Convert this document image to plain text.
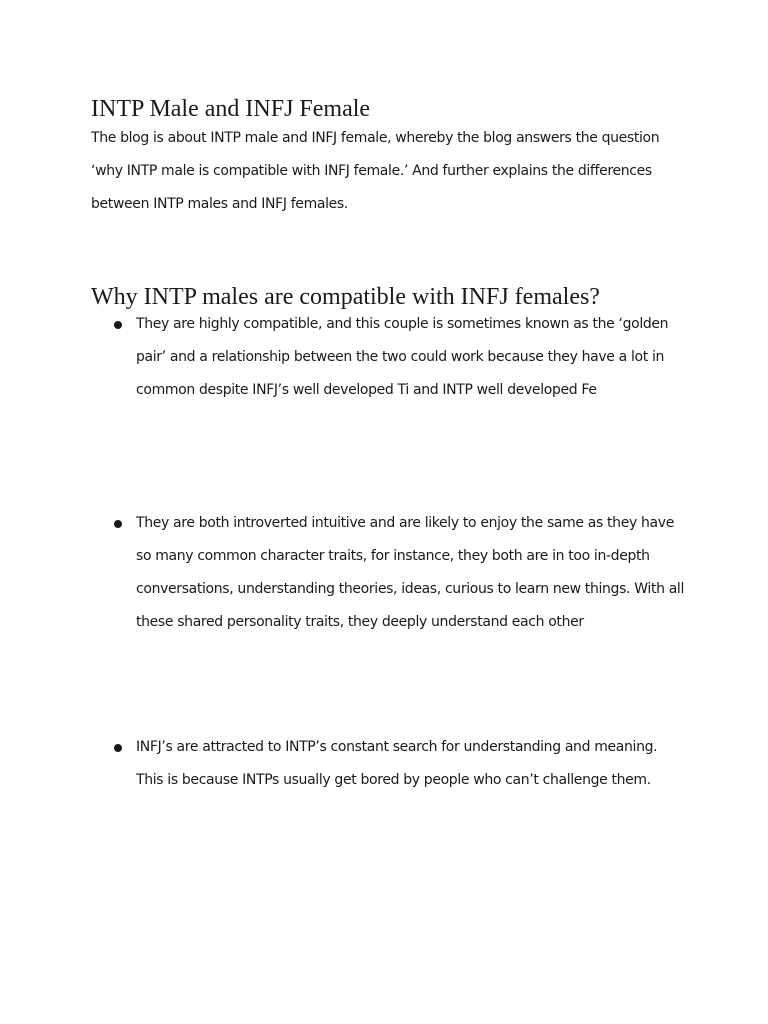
INTP Male and INFJ Female

The blog is about INTP male and INFJ female, whereby the blog answers the question ‘why INTP male is compatible with INFJ female.’ And further explains the differences between INTP males and INFJ females.

Why INTP males are compatible with INFJ females?

They are highly compatible, and this couple is sometimes known as the ‘golden pair’ and a relationship between the two could work because they have a lot in common despite INFJ’s well developed Ti and INTP well developed Fe

They are both introverted intuitive and are likely to enjoy the same as they have so many common character traits, for instance, they both are in too in-depth conversations, understanding theories, ideas, curious to learn new things. With all these shared personality traits, they deeply understand each other

INFJ’s are attracted to INTP’s constant search for understanding and meaning. This is because INTPs usually get bored by people who can’t challenge them.
